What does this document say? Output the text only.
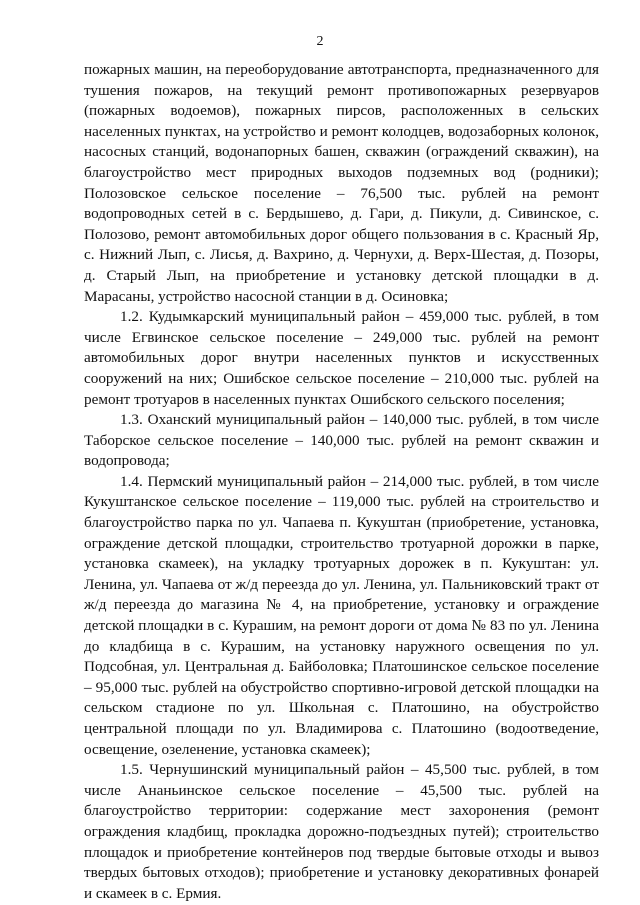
2

пожарных машин, на переоборудование автотранспорта, предназначенного для тушения пожаров, на текущий ремонт противопожарных резервуаров (пожарных водоемов), пожарных пирсов, расположенных в сельских населенных пунктах, на устройство и ремонт колодцев, водозаборных колонок, насосных станций, водонапорных башен, скважин (ограждений скважин), на благоустройство мест природных выходов подземных вод (родники); Полозовское сельское поселение – 76,500 тыс. рублей на ремонт водопроводных сетей в с. Бердышево, д. Гари, д. Пикули, д. Сивинское, с. Полозово, ремонт автомобильных дорог общего пользования в с. Красный Яр, с. Нижний Лып, с. Лисья, д. Вахрино, д. Чернухи, д. Верх-Шестая, д. Позоры, д. Старый Лып, на приобретение и установку детской площадки в д. Марасаны, устройство насосной станции в д. Осиновка;

1.2. Кудымкарский муниципальный район – 459,000 тыс. рублей, в том числе Егвинское сельское поселение – 249,000 тыс. рублей на ремонт автомобильных дорог внутри населенных пунктов и искусственных сооружений на них; Ошибское сельское поселение – 210,000 тыс. рублей на ремонт тротуаров в населенных пунктах Ошибского сельского поселения;

1.3. Оханский муниципальный район – 140,000 тыс. рублей, в том числе Таборское сельское поселение – 140,000 тыс. рублей на ремонт скважин и водопровода;

1.4. Пермский муниципальный район – 214,000 тыс. рублей, в том числе Кукуштанское сельское поселение – 119,000 тыс. рублей на строительство и благоустройство парка по ул. Чапаева п. Кукуштан (приобретение, установка, ограждение детской площадки, строительство тротуарной дорожки в парке, установка скамеек), на укладку тротуарных дорожек в п. Кукуштан: ул. Ленина, ул. Чапаева от ж/д переезда до ул. Ленина, ул. Пальниковский тракт от ж/д переезда до магазина № 4, на приобретение, установку и ограждение детской площадки в с. Курашим, на ремонт дороги от дома № 83 по ул. Ленина до кладбища в с. Курашим, на установку наружного освещения по ул. Подсобная, ул. Центральная д. Байболовка; Платошинское сельское поселение – 95,000 тыс. рублей на обустройство спортивно-игровой детской площадки на сельском стадионе по ул. Школьная с. Платошино, на обустройство центральной площади по ул. Владимирова с. Платошино (водоотведение, освещение, озеленение, установка скамеек);

1.5. Чернушинский муниципальный район – 45,500 тыс. рублей, в том числе Ананьинское сельское поселение – 45,500 тыс. рублей на благоустройство территории: содержание мест захоронения (ремонт ограждения кладбищ, прокладка дорожно-подъездных путей); строительство площадок и приобретение контейнеров под твердые бытовые отходы и вывоз твердых бытовых отходов); приобретение и установку декоративных фонарей и скамеек в с. Ермия.
